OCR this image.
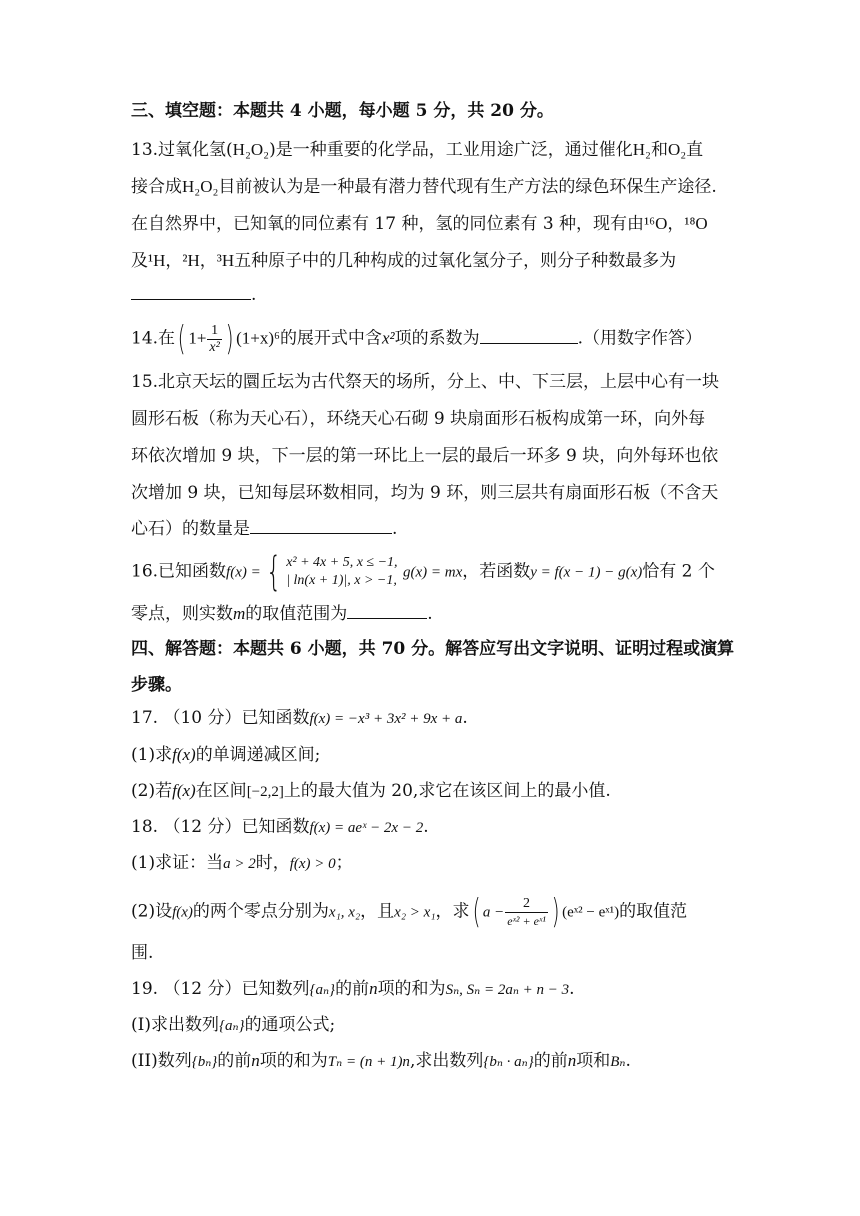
三、填空题：本题共 4 小题，每小题 5 分，共 20 分。
13.过氧化氢(H₂O₂)是一种重要的化学品，工业用途广泛，通过催化H₂和O₂直
接合成H₂O₂目前被认为是一种最有潜力替代现有生产方法的绿色环保生产途径.
在自然界中，已知氧的同位素有 17 种，氢的同位素有 3 种，现有由¹⁶O，¹⁸O
及¹H，²H，³H五种原子中的几种构成的过氧化氢分子，则分子种数最多为
.
14.在( $1+ \frac{1}{\text{x²}}$ ) (1+x)⁶的展开式中含x²项的系数为	.（用数字作答）
15.北京天坛的圜丘坛为古代祭天的场所，分上、中、下三层，上层中心有一块
圆形石板（称为天心石），环绕天心石砌 9 块扇面形石板构成第一环，向外每
环依次增加 9 块，下一层的第一环比上一层的最后一环多 9 块，向外每环也依
次增加 9 块，已知每层环数相同，均为 9 环，则三层共有扇面形石板（不含天
心石）的数量是	.
16.已知函数f(x) = { x² + 4x + 5, x ≤ −1,
| ln(x + 1)|, x > −1, g(x) = mx，若函数y = f(x − 1) − g(x)恰有 2 个
零点，则实数m的取值范围为	.
四、解答题：本题共 6 小题，共 70 分。解答应写出文字说明、证明过程或演算
步骤。
17. （10 分）已知函数f(x) = −x³ + 3x² + 9x + a.
(1)求f(x)的单调递减区间;
(2)若f(x)在区间[−2,2]上的最大值为 20,求它在该区间上的最小值.
18. （12 分）已知函数f(x) = aeˣ − 2x − 2.
(1)求证：当a > 2时，f(x) > 0；
(2)设f(x)的两个零点分别为x₁, x₂，且x₂ > x₁，求( $a - \frac{2}{\text{eˣ² + eˣ¹}}$ ) (eˣ² − eˣ¹)的取值范
围.
19. （12 分）已知数列{aₙ}的前n项的和为Sₙ, Sₙ = 2aₙ + n − 3.
(I)求出数列{aₙ}的通项公式;
(II)数列{bₙ}的前n项的和为Tₙ = (n + 1)n,求出数列{bₙ · aₙ}的前n项和Bₙ.
